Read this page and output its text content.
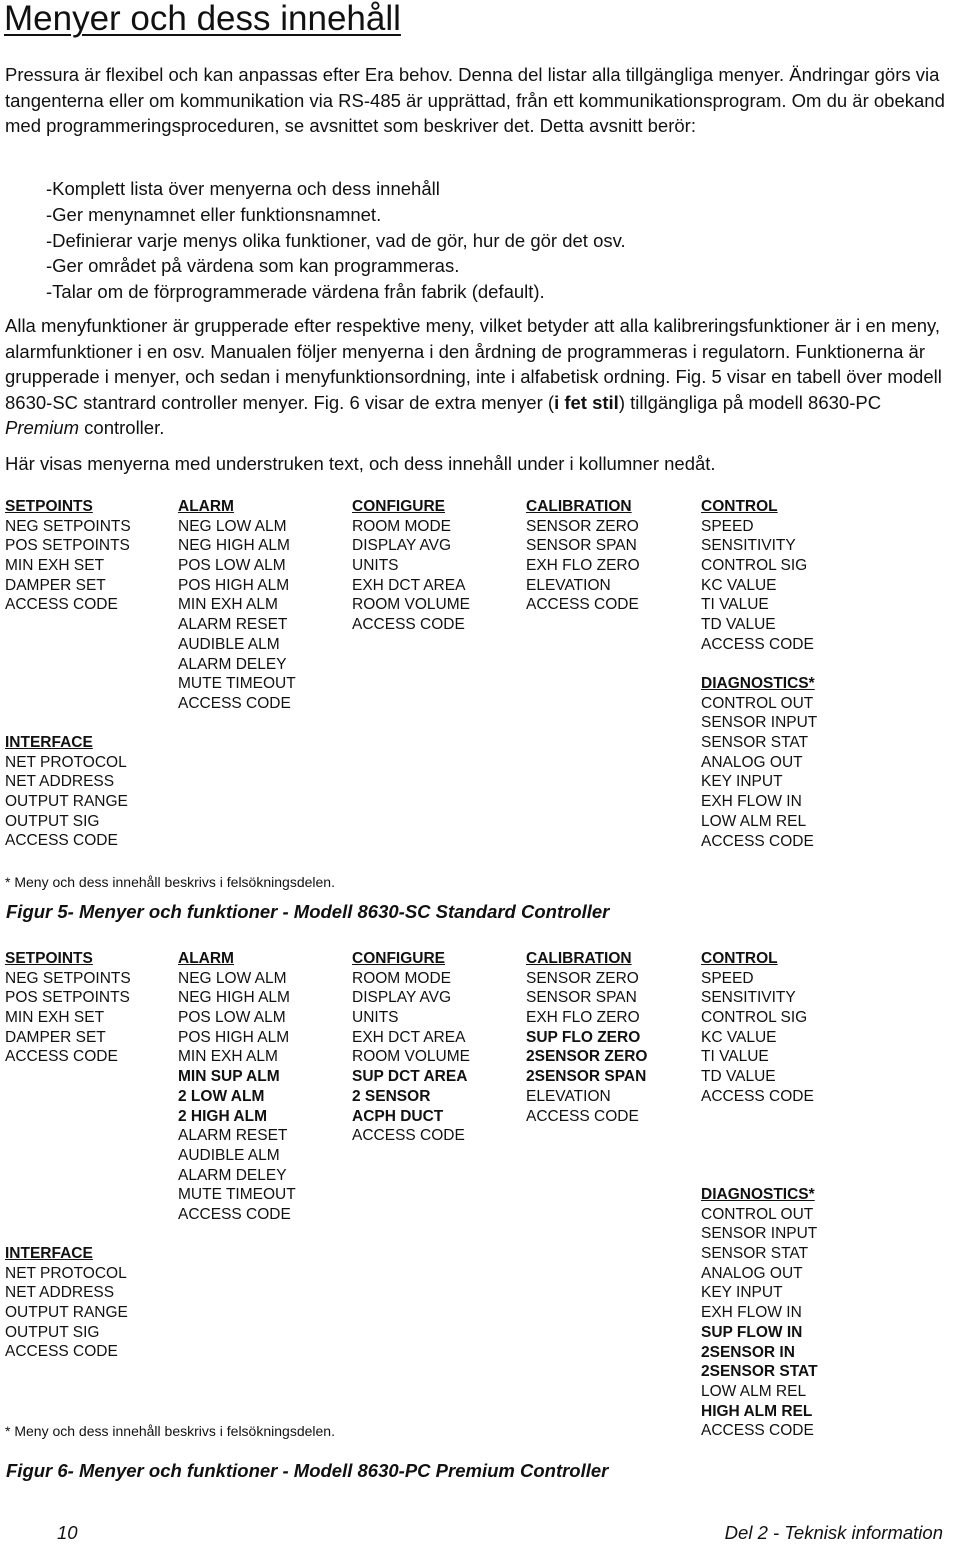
Menyer och dess innehåll

Pressura är flexibel och kan anpassas efter Era behov. Denna del listar alla tillgängliga menyer. Ändringar görs via tangenterna eller om kommunikation via RS-485 är upprättad, från ett kommunikationsprogram. Om du är obekand med programmeringsproceduren, se avsnittet som beskriver det. Detta avsnitt berör:

-Komplett lista över menyerna och dess innehåll
-Ger menynamnet eller funktionsnamnet.
-Definierar varje menys olika funktioner, vad de gör, hur de gör det osv.
-Ger området på värdena som kan programmeras.
-Talar om de förprogrammerade värdena från fabrik (default).
Alla menyfunktioner är grupperade efter respektive meny, vilket betyder att alla kalibreringsfunktioner är i en meny, alarmfunktioner i en osv. Manualen följer menyerna i den årdning de programmeras i regulatorn. Funktionerna är grupperade i menyer, och sedan i menyfunktionsordning, inte i alfabetisk ordning. Fig. 5 visar en tabell över modell 8630-SC stantrard controller menyer. Fig. 6 visar de extra menyer (i fet stil) tillgängliga på modell 8630-PC Premium controller.
Här visas menyerna med understruken text, och dess innehåll under i kollumner nedåt.
SETPOINTS
NEG SETPOINTS
POS SETPOINTS
MIN EXH SET
DAMPER SET
ACCESS CODE
INTERFACE
NET PROTOCOL
NET ADDRESS
OUTPUT RANGE
OUTPUT SIG
ACCESS CODE
ALARM
NEG LOW ALM
NEG HIGH ALM
POS LOW ALM
POS HIGH ALM
MIN EXH ALM
ALARM RESET
AUDIBLE ALM
ALARM DELEY
MUTE TIMEOUT
ACCESS CODE
CONFIGURE
ROOM MODE
DISPLAY AVG
UNITS
EXH DCT AREA
ROOM VOLUME
ACCESS CODE
CALIBRATION
SENSOR ZERO
SENSOR SPAN
EXH FLO ZERO
ELEVATION
ACCESS CODE
CONTROL
SPEED
SENSITIVITY
CONTROL SIG
KC VALUE
TI VALUE
TD VALUE
ACCESS CODE
DIAGNOSTICS*
CONTROL OUT
SENSOR INPUT
SENSOR STAT
ANALOG OUT
KEY INPUT
EXH FLOW IN
LOW ALM REL
ACCESS CODE
* Meny och dess innehåll beskrivs i felsökningsdelen.
Figur 5- Menyer och funktioner - Modell 8630-SC Standard Controller
SETPOINTS
NEG SETPOINTS
POS SETPOINTS
MIN EXH SET
DAMPER SET
ACCESS CODE
INTERFACE
NET PROTOCOL
NET ADDRESS
OUTPUT RANGE
OUTPUT SIG
ACCESS CODE
ALARM
NEG LOW ALM
NEG HIGH ALM
POS LOW ALM
POS HIGH ALM
MIN EXH ALM
MIN SUP ALM
2 LOW ALM
2 HIGH ALM
ALARM RESET
AUDIBLE ALM
ALARM DELEY
MUTE TIMEOUT
ACCESS CODE
CONFIGURE
ROOM MODE
DISPLAY AVG
UNITS
EXH DCT AREA
ROOM VOLUME
SUP DCT AREA
2 SENSOR
ACPH DUCT
ACCESS CODE
CALIBRATION
SENSOR ZERO
SENSOR SPAN
EXH FLO ZERO
SUP FLO ZERO
2SENSOR ZERO
2SENSOR SPAN
ELEVATION
ACCESS CODE
CONTROL
SPEED
SENSITIVITY
CONTROL SIG
KC VALUE
TI VALUE
TD VALUE
ACCESS CODE
DIAGNOSTICS*
CONTROL OUT
SENSOR INPUT
SENSOR STAT
ANALOG OUT
KEY INPUT
EXH FLOW IN
SUP FLOW IN
2SENSOR IN
2SENSOR STAT
LOW ALM REL
HIGH ALM REL
ACCESS CODE
* Meny och dess innehåll beskrivs i felsökningsdelen.
Figur 6- Menyer och funktioner - Modell 8630-PC Premium Controller
10	Del 2 - Teknisk information
